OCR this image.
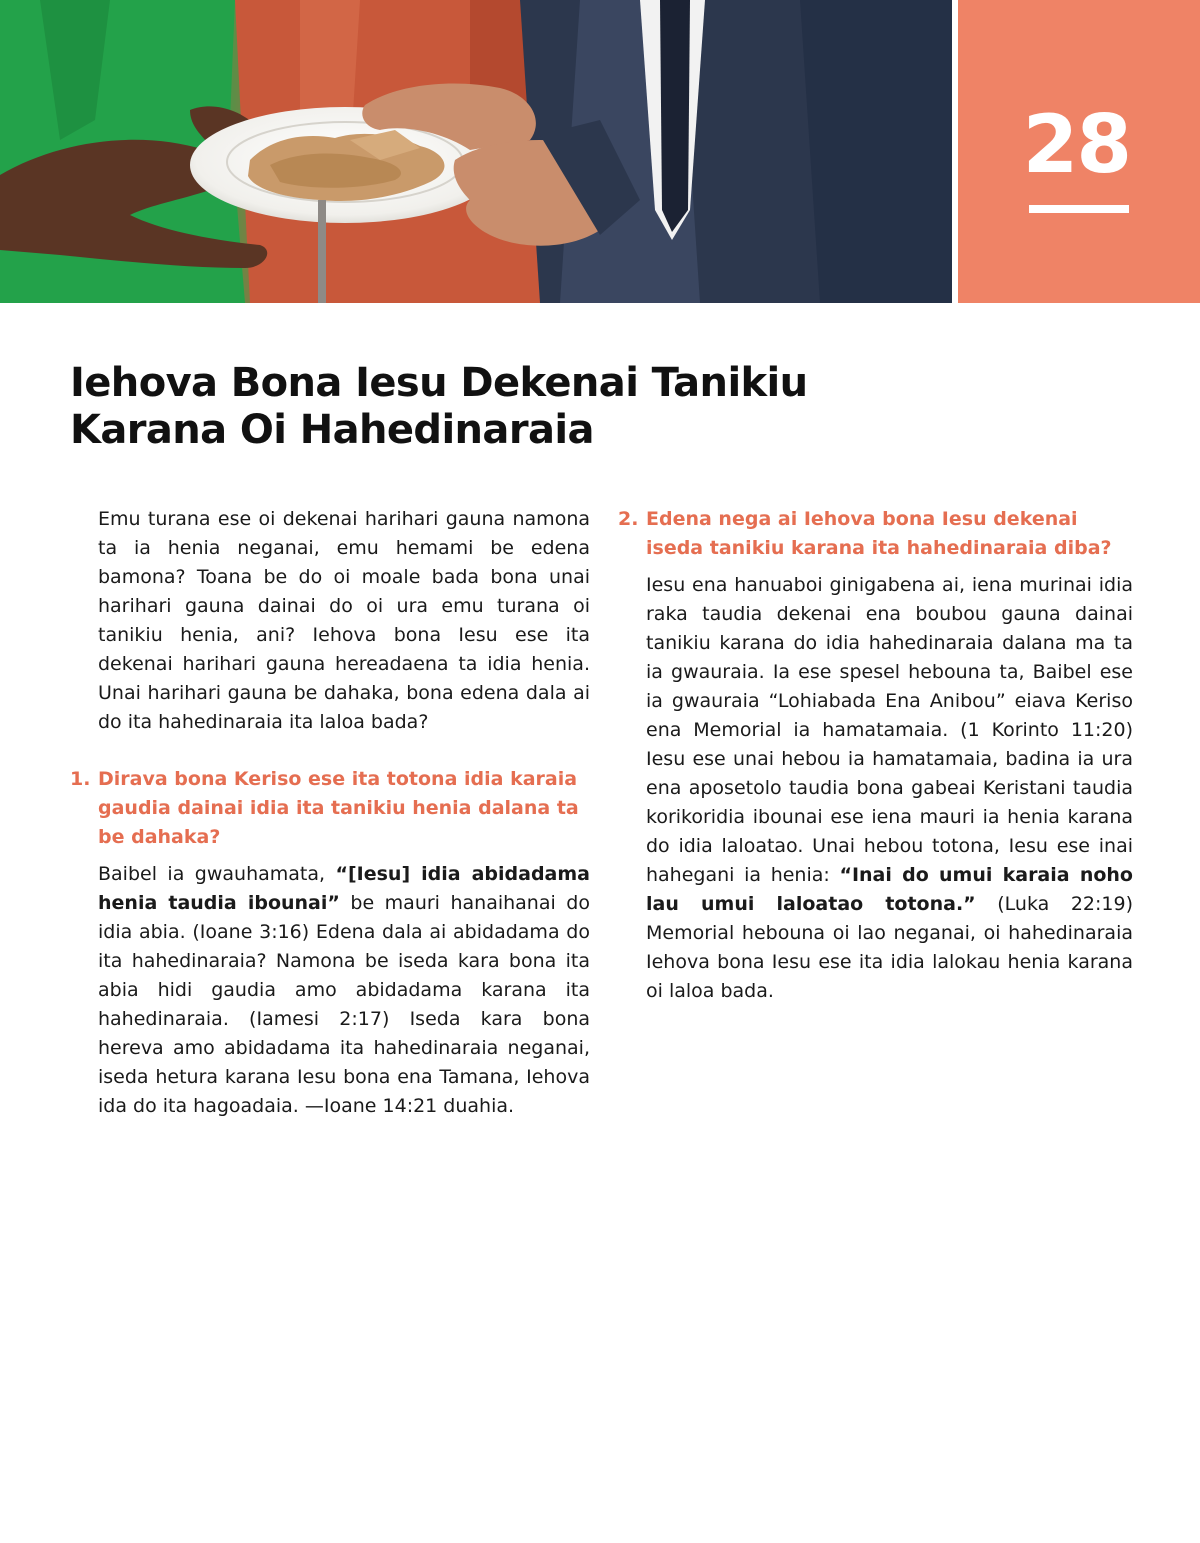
28
Iehova Bona Iesu Dekenai Tanikiu
Karana Oi Hahedinaraia

Emu turana ese oi dekenai harihari gauna namona ta ia henia neganai, emu hemami be edena bamona? Toana be do oi moale bada bona unai harihari gauna dainai do oi ura emu turana oi tanikiu henia, ani? Iehova bona Iesu ese ita dekenai harihari gauna hereadaena ta idia henia. Unai harihari gauna be dahaka, bona edena dala ai do ita hahedinaraia ita laloa bada?

1. Dirava bona Keriso ese ita totona idia karaia gaudia dainai idia ita tanikiu henia dalana ta be dahaka?

Baibel ia gwauhamata, “[Iesu] idia abidadama henia taudia ibounai” be mauri hanaihanai do idia abia. (Ioane 3:16) Edena dala ai abidadama do ita hahedinaraia? Namona be iseda kara bona ita abia hidi gaudia amo abidadama karana ita hahedinaraia. (Iamesi 2:17) Iseda kara bona hereva amo abidadama ita hahedinaraia neganai, iseda hetura karana Iesu bona ena Tamana, Iehova ida do ita hagoadaia. —Ioane 14:21 duahia.

2. Edena nega ai Iehova bona Iesu dekenai iseda tanikiu karana ita hahedinaraia diba?

Iesu ena hanuaboi ginigabena ai, iena murinai idia raka taudia dekenai ena boubou gauna dainai tanikiu karana do idia hahedinaraia dalana ma ta ia gwauraia. Ia ese spesel hebouna ta, Baibel ese ia gwauraia “Lohiabada Ena Anibou” eiava Keriso ena Memorial ia hamatamaia. (1 Korinto 11:20) Iesu ese unai hebou ia hamatamaia, badina ia ura ena aposetolo taudia bona gabeai Keristani taudia korikoridia ibounai ese iena mauri ia henia karana do idia laloatao. Unai hebou totona, Iesu ese inai hahegani ia henia: “Inai do umui karaia noho lau umui laloatao totona.” (Luka 22:19) Memorial hebouna oi lao neganai, oi hahedinaraia Iehova bona Iesu ese ita idia lalokau henia karana oi laloa bada.
